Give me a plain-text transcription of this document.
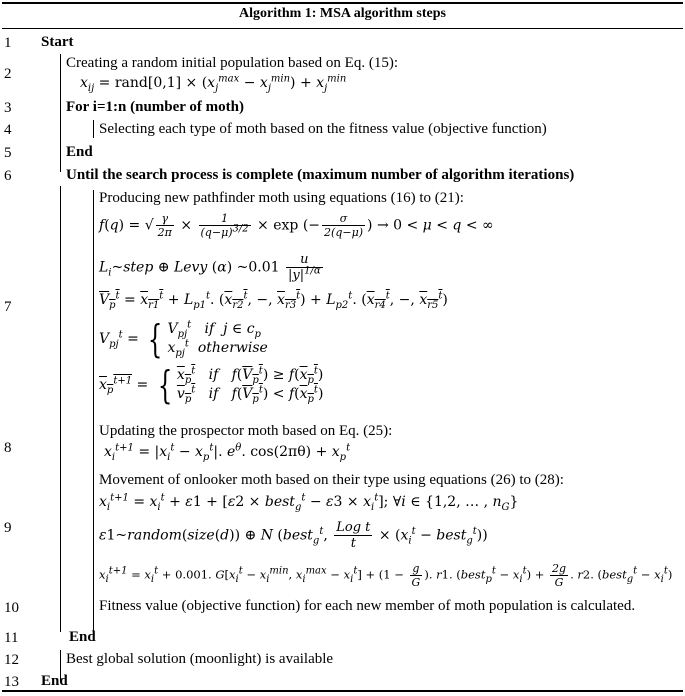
Algorithm 1: MSA algorithm steps
1
2
3
4
5
6
7
8
9
10
11
12
13
Start
Creating a random initial population based on Eq. (15):
$x_{ij}$ = rand[0,1] × $(x_j^{max} - x_j^{min}) + x_j^{min}$
For i=1:n (number of moth)
Selecting each type of moth based on the fitness value (objective function)
End
Until the search process is complete (maximum number of algorithm iterations)
Producing new pathfinder moth using equations (16) to (21):
f(q) = √ $\frac{\gamma}{2\pi} \times \frac{1}{(q-\mu)^{3/2}} \times \exp$ (− $\frac{\sigma}{2(q-\mu)}$ ) → 0 < μ < q < ∞
$L_i\sim step$ ⊕ Levy (α) ~0.01 $\frac{u}{|y|^{1/\alpha}}$
$V_p^t = x_{r1}^t + L_{p1}^t$. ($x_{r2}^t$, −, $x_{r3}^t) + L_{p2}^t$. ($x_{r4}^t$, −, $x_{r5}^t$)
$V_{pj}^t$ = { $V_{pj}^t$   if  j ∈ $c_p$
$x_{pj}^t$  otherwise
$x_p^{t+1}$ = { $x_p^t$   if   $f(V_p^t) \ge f(x_p^t)$
$v_p^t$   if   $f(V_p^t) < f(x_p^t)$
Updating the prospector moth based on Eq. (25):
$x_i^{t+1} = |x_i^t - x_p^t|$. $e^\theta$. $\cos(2\pi\theta) + x_p^t$
Movement of onlooker moth based on their type using equations (26) to (28):
$x_i^{t+1} = x_i^t + \varepsilon 1 + [\varepsilon 2$ × best$_g^t$ − $\varepsilon 3 \times x_i^t$]; ∀i ∈ {1,2, … , $n_G$}
ε1~random(size(d)) ⊕ N (best$_g^t$, $\frac{\text{Log t}}{t} \times (x_i^t$ − best$_g^t$))
$x_i^{t+1} = x_i^t + 0.001$. $G[x_i^t - x_i^{min}$, $x_i^{max} - x_i^t] + (1 - \frac{g}{G}$ ). r1. (best$_p^t$ − $x_i^t) + \frac{2g}{G}$ . r2. (best$_g^t$ − $x_i^t$)
Fitness value (objective function) for each new member of moth population is calculated.
End
Best global solution (moonlight) is available
End
